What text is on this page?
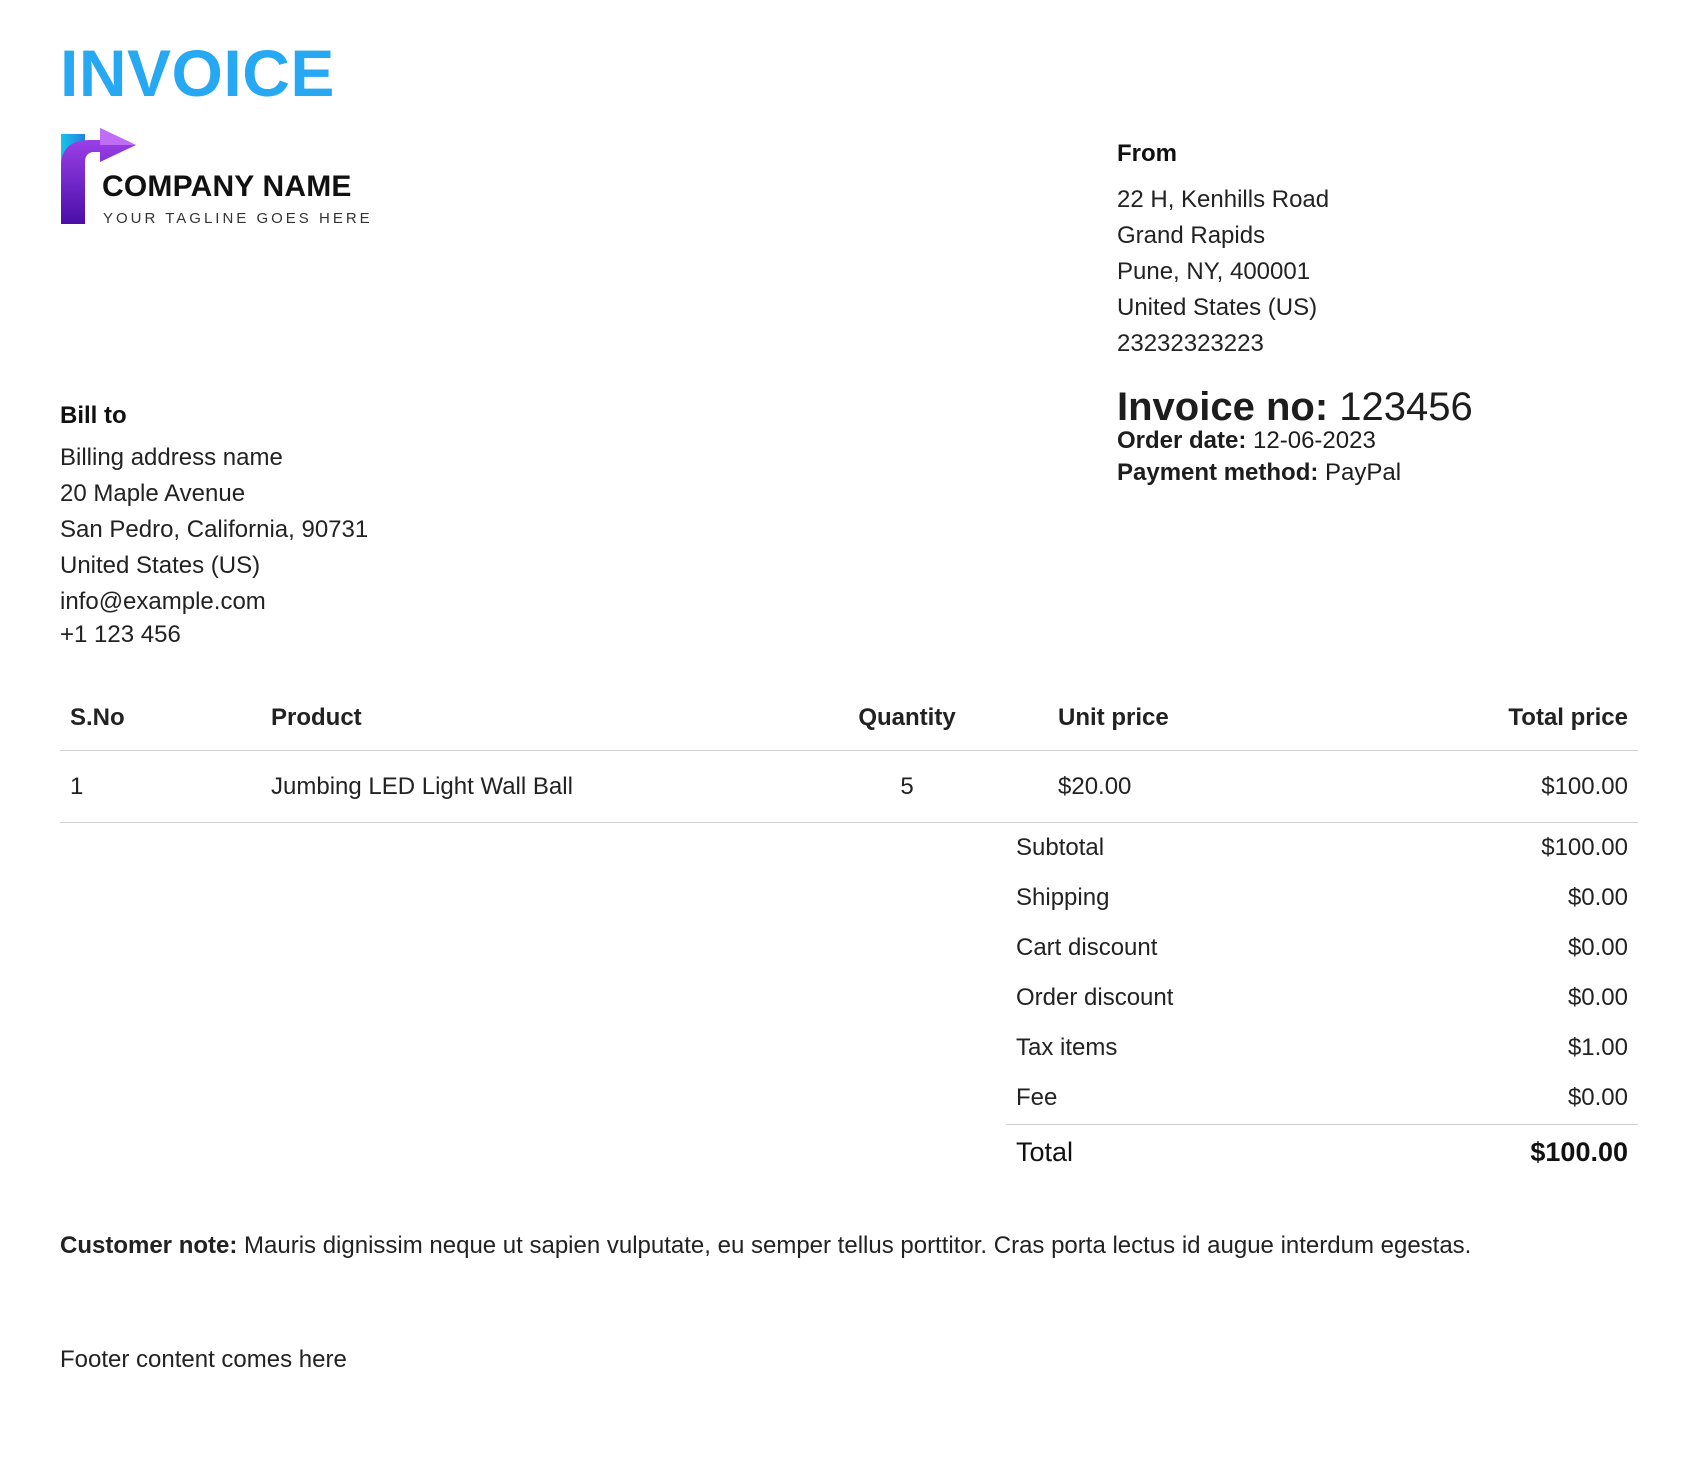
INVOICE
COMPANY NAME
YOUR TAGLINE GOES HERE
From
22 H, Kenhills Road
Grand Rapids
Pune, NY, 400001
United States (US)
23232323223
Invoice no: 123456
Order date: 12-06-2023
Payment method: PayPal
Bill to
Billing address name
20 Maple Avenue
San Pedro, California, 90731
United States (US)
info@example.com
+1 123 456
S.No	Product	Quantity	Unit price	Total price
1	Jumbing LED Light Wall Ball	5	$20.00	$100.00
Subtotal	$100.00
Shipping	$0.00
Cart discount	$0.00
Order discount	$0.00
Tax items	$1.00
Fee	$0.00
Total	$100.00
Customer note: Mauris dignissim neque ut sapien vulputate, eu semper tellus porttitor. Cras porta lectus id augue interdum egestas.
Footer content comes here
